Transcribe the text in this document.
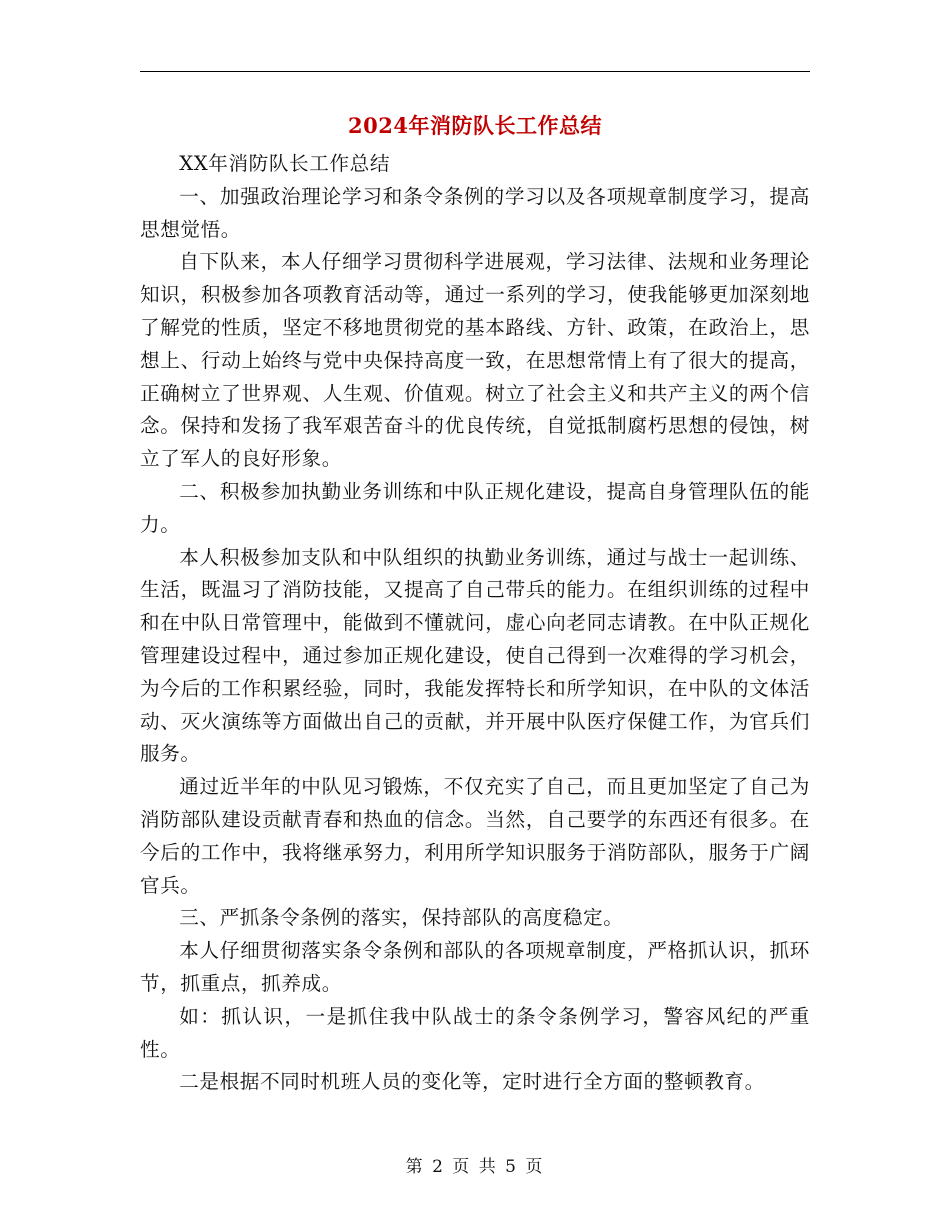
2024年消防队长工作总结

XX年消防队长工作总结

一、加强政治理论学习和条令条例的学习以及各项规章制度学习，提高思想觉悟。

自下队来，本人仔细学习贯彻科学进展观，学习法律、法规和业务理论知识，积极参加各项教育活动等，通过一系列的学习，使我能够更加深刻地了解党的性质，坚定不移地贯彻党的基本路线、方针、政策，在政治上，思想上、行动上始终与党中央保持高度一致，在思想常情上有了很大的提高，正确树立了世界观、人生观、价值观。树立了社会主义和共产主义的两个信念。保持和发扬了我军艰苦奋斗的优良传统，自觉抵制腐朽思想的侵蚀，树立了军人的良好形象。

二、积极参加执勤业务训练和中队正规化建设，提高自身管理队伍的能力。

本人积极参加支队和中队组织的执勤业务训练，通过与战士一起训练、生活，既温习了消防技能，又提高了自己带兵的能力。在组织训练的过程中和在中队日常管理中，能做到不懂就问，虚心向老同志请教。在中队正规化管理建设过程中，通过参加正规化建设，使自己得到一次难得的学习机会，为今后的工作积累经验，同时，我能发挥特长和所学知识，在中队的文体活动、灭火演练等方面做出自己的贡献，并开展中队医疗保健工作，为官兵们服务。

通过近半年的中队见习锻炼，不仅充实了自己，而且更加坚定了自己为消防部队建设贡献青春和热血的信念。当然，自己要学的东西还有很多。在今后的工作中，我将继承努力，利用所学知识服务于消防部队，服务于广阔官兵。

三、严抓条令条例的落实，保持部队的高度稳定。

本人仔细贯彻落实条令条例和部队的各项规章制度，严格抓认识，抓环节，抓重点，抓养成。

如：抓认识，一是抓住我中队战士的条令条例学习，警容风纪的严重性。

二是根据不同时机班人员的变化等，定时进行全方面的整顿教育。

第 2 页 共 5 页
